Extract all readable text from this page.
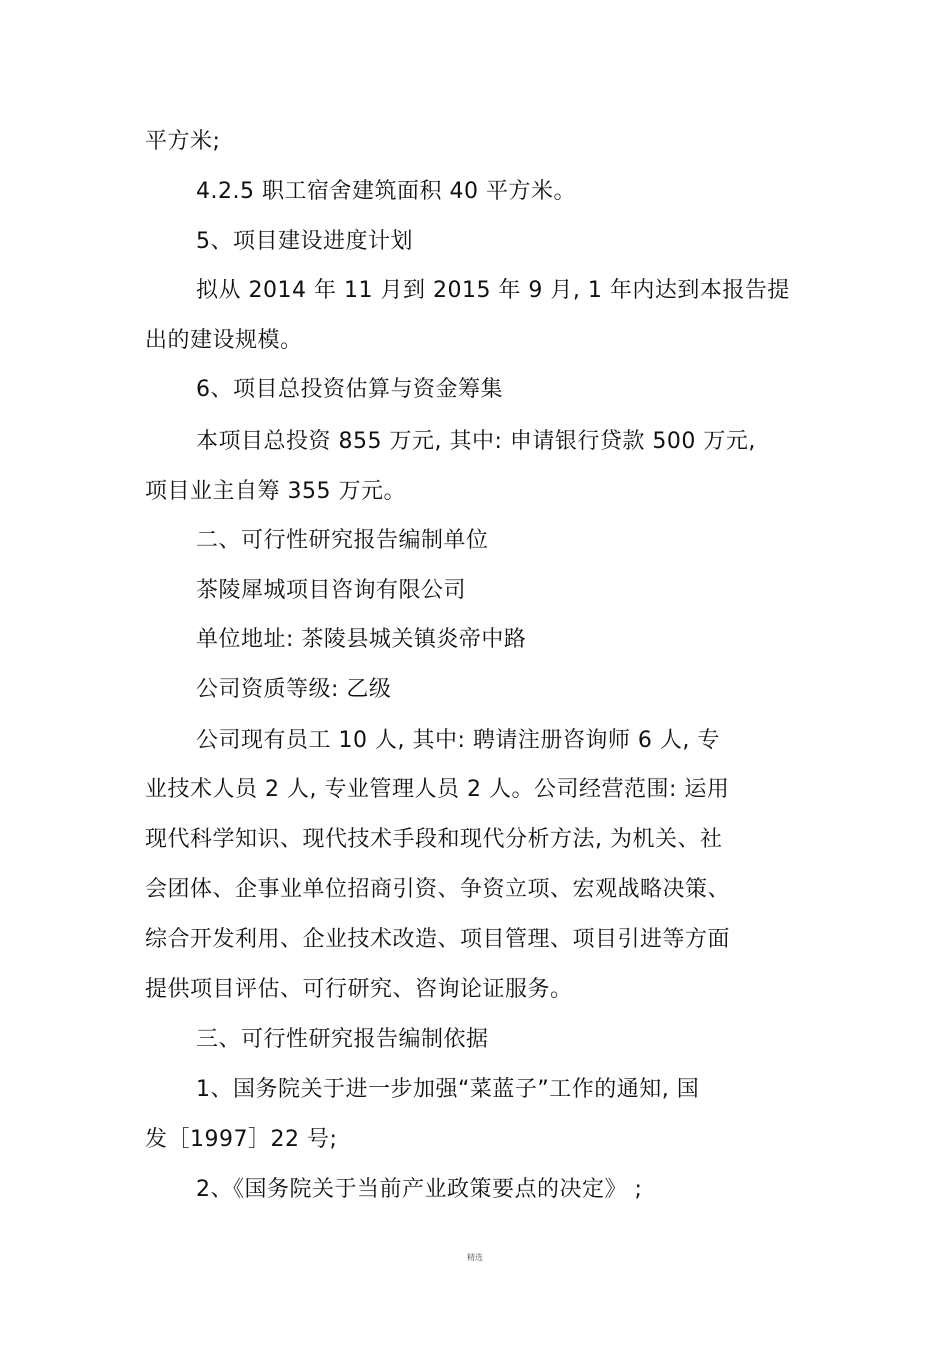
平方米;
4.2.5 职工宿舍建筑面积 40 平方米。
5、项目建设进度计划
拟从 2014 年 11 月到 2015 年 9 月, 1 年内达到本报告提
出的建设规模。
6、项目总投资估算与资金筹集
本项目总投资 855 万元, 其中: 申请银行贷款 500 万元,
项目业主自筹 355 万元。
二、可行性研究报告编制单位
茶陵犀城项目咨询有限公司
单位地址: 茶陵县城关镇炎帝中路
公司资质等级: 乙级
公司现有员工 10 人, 其中: 聘请注册咨询师 6 人, 专
业技术人员 2 人, 专业管理人员 2 人。公司经营范围: 运用
现代科学知识、现代技术手段和现代分析方法, 为机关、社
会团体、企事业单位招商引资、争资立项、宏观战略决策、
综合开发利用、企业技术改造、项目管理、项目引进等方面
提供项目评估、可行研究、咨询论证服务。
三、可行性研究报告编制依据
1、国务院关于进一步加强“菜蓝子”工作的通知, 国
发［1997］22 号;
2、《国务院关于当前产业政策要点的决定》 ;
精选
